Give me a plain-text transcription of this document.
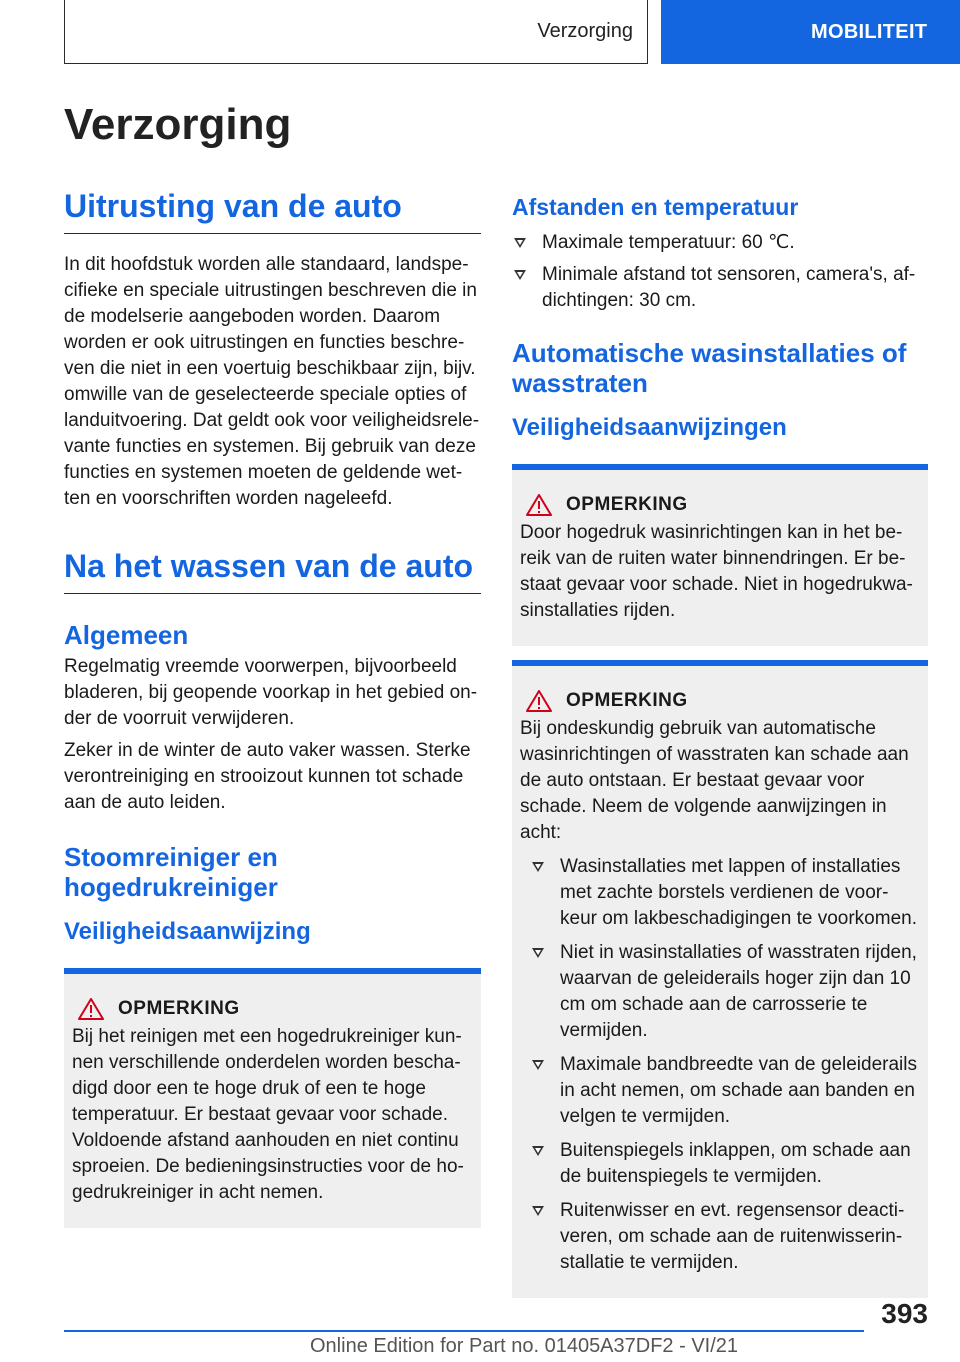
Verzorging	MOBILITEIT
Verzorging
Uitrusting van de auto

In dit hoofdstuk worden alle standaard, landspe-cifieke en speciale uitrustingen beschreven die in de modelserie aangeboden worden. Daarom worden er ook uitrustingen en functies beschre-ven die niet in een voertuig beschikbaar zijn, bijv. omwille van de geselecteerde speciale opties of landuitvoering. Dat geldt ook voor veiligheidsrele-vante functies en systemen. Bij gebruik van deze functies en systemen moeten de geldende wet-ten en voorschriften worden nageleefd.

Na het wassen van de auto
Algemeen

Regelmatig vreemde voorwerpen, bijvoorbeeld bladeren, bij geopende voorkap in het gebied on-der de voorruit verwijderen.

Zeker in de winter de auto vaker wassen. Sterke verontreiniging en strooizout kunnen tot schade aan de auto leiden.

Stoomreiniger en hogedrukreiniger
Veiligheidsaanwijzing
OPMERKING

Bij het reinigen met een hogedrukreiniger kun-nen verschillende onderdelen worden bescha-digd door een te hoge druk of een te hoge temperatuur. Er bestaat gevaar voor schade. Voldoende afstand aanhouden en niet continu sproeien. De bedieningsinstructies voor de ho-gedrukreiniger in acht nemen.

Afstanden en temperatuur
Maximale temperatuur: 60 ℃.
Minimale afstand tot sensoren, camera's, af-dichtingen: 30 cm.
Automatische wasinstallaties of wasstraten
Veiligheidsaanwijzingen
OPMERKING

Door hogedruk wasinrichtingen kan in het be-reik van de ruiten water binnendringen. Er be-staat gevaar voor schade. Niet in hogedrukwa-sinstallaties rijden.

OPMERKING

Bij ondeskundig gebruik van automatische wasinrichtingen of wasstraten kan schade aan de auto ontstaan. Er bestaat gevaar voor schade. Neem de volgende aanwijzingen in acht:

Wasinstallaties met lappen of installaties met zachte borstels verdienen de voor-keur om lakbeschadigingen te voorkomen.
Niet in wasinstallaties of wasstraten rijden, waarvan de geleiderails hoger zijn dan 10 cm om schade aan de carrosserie te vermijden.
Maximale bandbreedte van de geleiderails in acht nemen, om schade aan banden en velgen te vermijden.
Buitenspiegels inklappen, om schade aan de buitenspiegels te vermijden.
Ruitenwisser en evt. regensensor deacti-veren, om schade aan de ruitenwisserin-stallatie te vermijden.
393
Online Edition for Part no. 01405A37DF2 - VI/21
